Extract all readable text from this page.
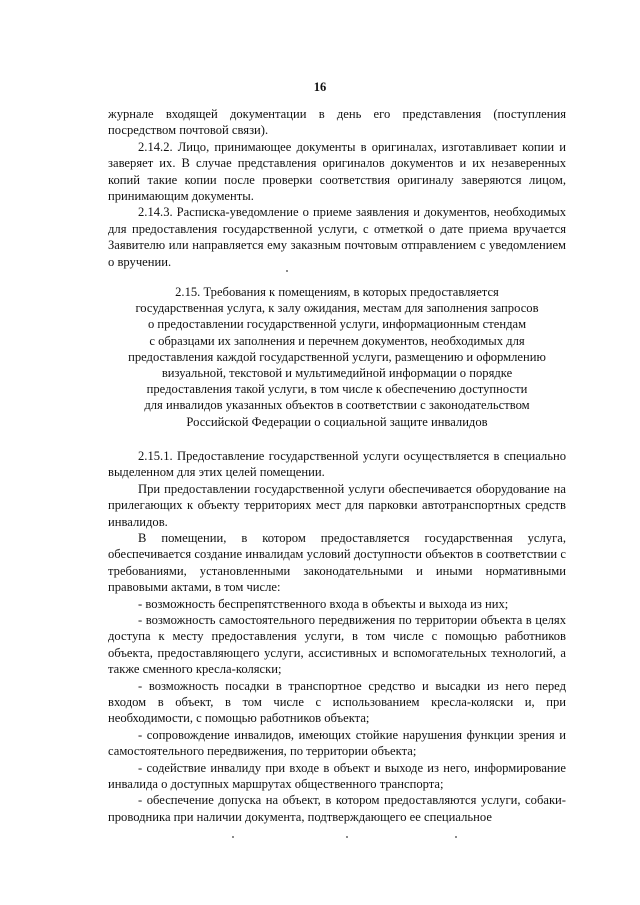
16

журнале входящей документации в день его представления (поступления посредством почтовой связи).

2.14.2. Лицо, принимающее документы в оригиналах, изготавливает копии и заверяет их. В случае представления оригиналов документов и их незаверенных копий такие копии после проверки соответствия оригиналу заверяются лицом, принимающим документы.

2.14.3. Расписка-уведомление о приеме заявления и документов, необходимых для предоставления государственной услуги, с отметкой о дате приема вручается Заявителю или направляется ему заказным почтовым отправлением с уведомлением о вручении.

2.15. Требования к помещениям, в которых предоставляется

государственная услуга, к залу ожидания, местам для заполнения запросов

о предоставлении государственной услуги, информационным стендам

с образцами их заполнения и перечнем документов, необходимых для

предоставления каждой государственной услуги, размещению и оформлению

визуальной, текстовой и мультимедийной информации о порядке

предоставления такой услуги, в том числе к обеспечению доступности

для инвалидов указанных объектов в соответствии с законодательством

Российской Федерации о социальной защите инвалидов

2.15.1. Предоставление государственной услуги осуществляется в специально выделенном для этих целей помещении.

При предоставлении государственной услуги обеспечивается оборудование на прилегающих к объекту территориях мест для парковки автотранспортных средств инвалидов.

В помещении, в котором предоставляется государственная услуга, обеспечивается создание инвалидам условий доступности объектов в соответствии с требованиями, установленными законодательными и иными нормативными правовыми актами, в том числе:

- возможность беспрепятственного входа в объекты и выхода из них;

- возможность самостоятельного передвижения по территории объекта в целях доступа к месту предоставления услуги, в том числе с помощью работников объекта, предоставляющего услуги, ассистивных и вспомогательных технологий, а также сменного кресла-коляски;

- возможность посадки в транспортное средство и высадки из него перед входом в объект, в том числе с использованием кресла-коляски и, при необходимости, с помощью работников объекта;

- сопровождение инвалидов, имеющих стойкие нарушения функции зрения и самостоятельного передвижения, по территории объекта;

- содействие инвалиду при входе в объект и выходе из него, информирование инвалида о доступных маршрутах общественного транспорта;

- обеспечение допуска на объект, в котором предоставляются услуги, собаки-проводника при наличии документа, подтверждающего ее специальное
